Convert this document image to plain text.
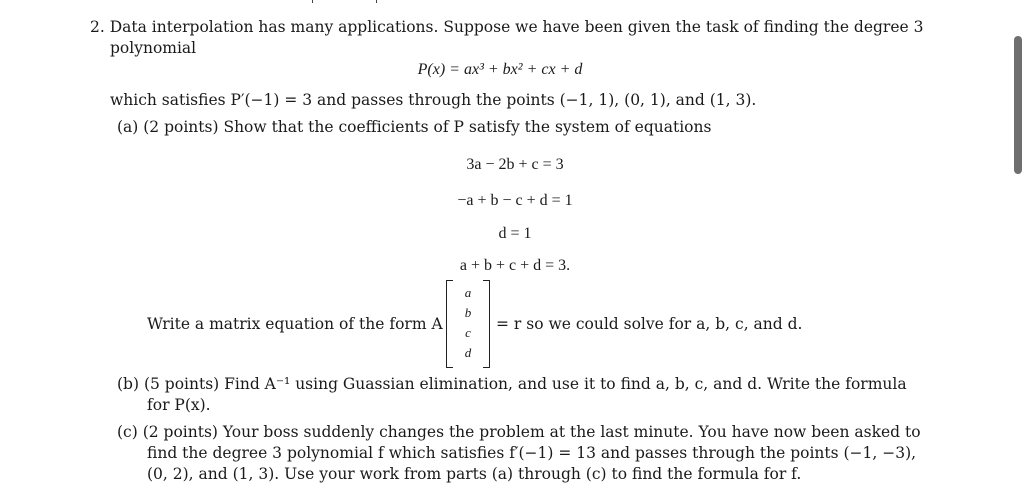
2. Data interpolation has many applications. Suppose we have been given the task of finding the degree 3
polynomial
P(x) = ax³ + bx² + cx + d
which satisfies P′(−1) = 3 and passes through the points (−1, 1), (0, 1), and (1, 3).
(a) (2 points) Show that the coefficients of P satisfy the system of equations
3a − 2b + c = 3
−a + b − c + d = 1
d = 1
a + b + c + d = 3.
Write a matrix equation of the form A
a
b
c
d
= r so we could solve for a, b, c, and d.
(b) (5 points) Find A⁻¹ using Guassian elimination, and use it to find a, b, c, and d. Write the formula
for P(x).
(c) (2 points) Your boss suddenly changes the problem at the last minute. You have now been asked to
find the degree 3 polynomial f which satisfies f′(−1) = 13 and passes through the points (−1, −3),
(0, 2), and (1, 3). Use your work from parts (a) through (c) to find the formula for f.
